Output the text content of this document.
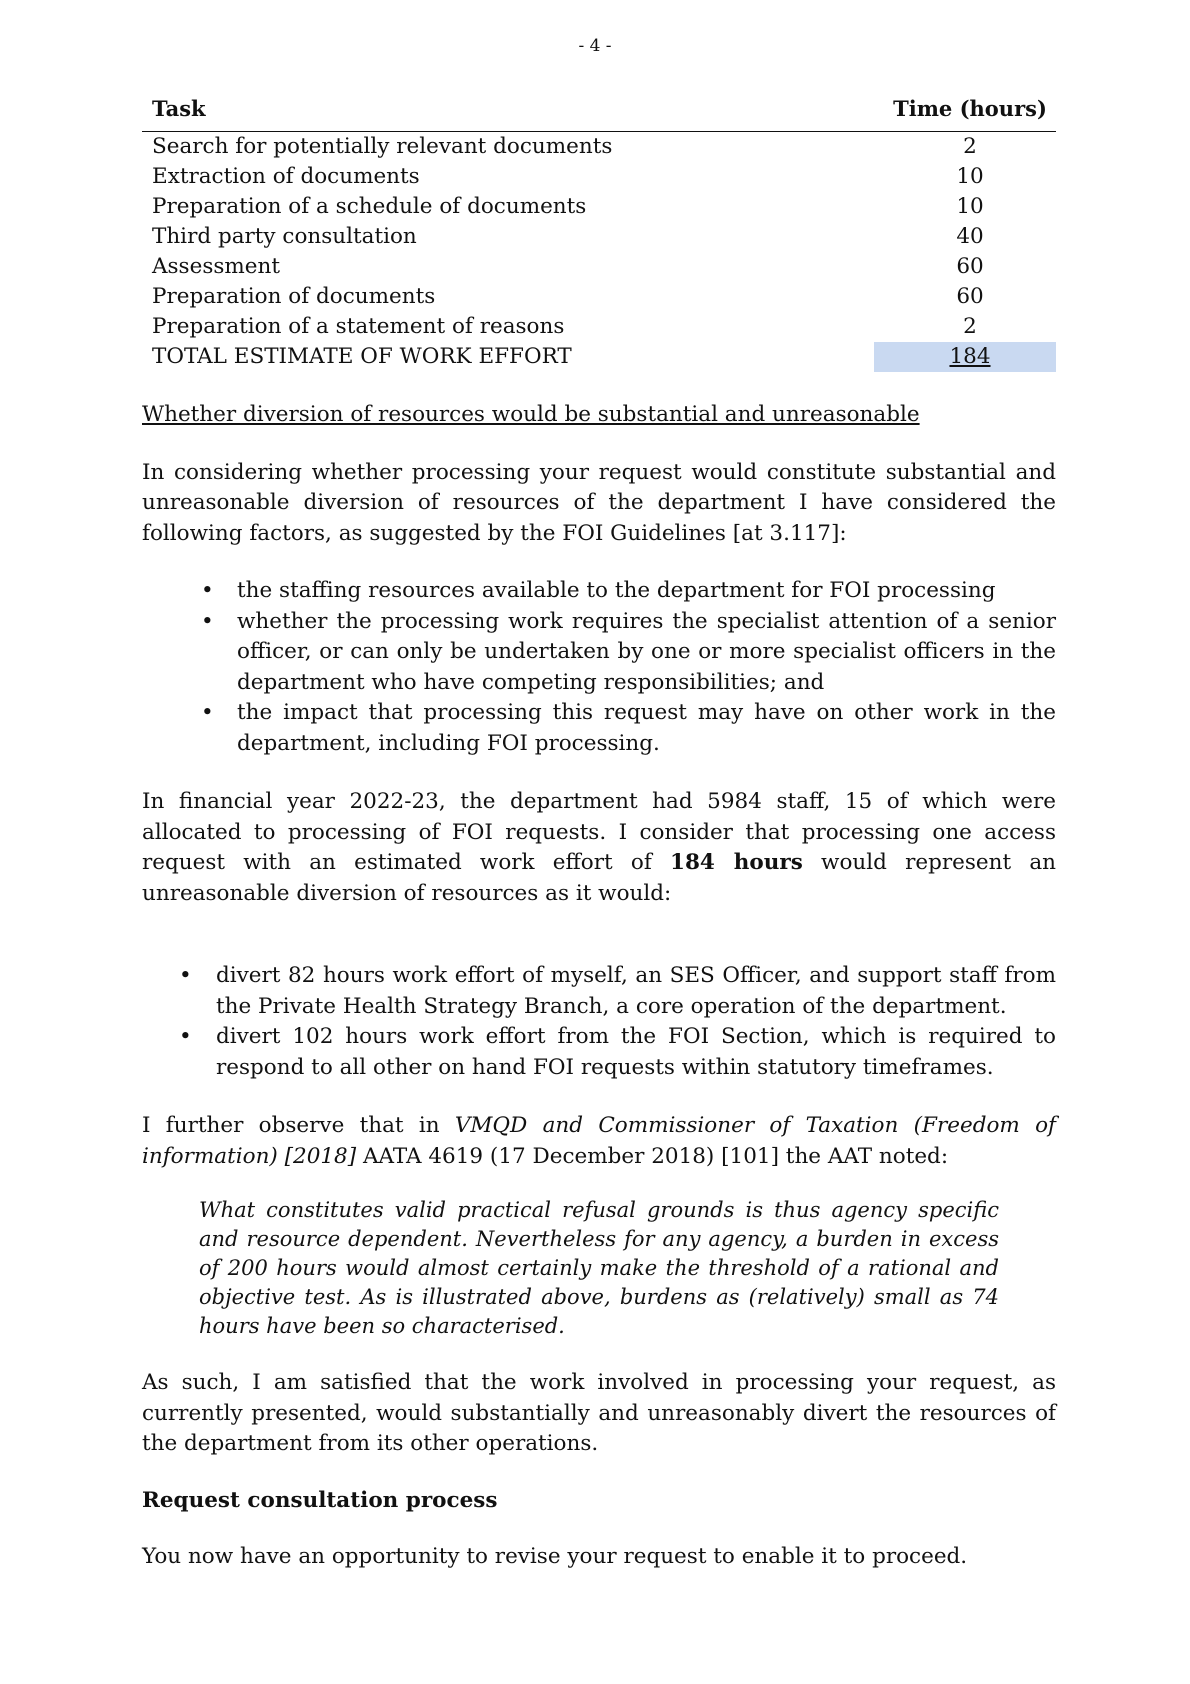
- 4 -
Task	Time (hours)
Search for potentially relevant documents	2
Extraction of documents	10
Preparation of a schedule of documents	10
Third party consultation	40
Assessment	60
Preparation of documents	60
Preparation of a statement of reasons	2
TOTAL ESTIMATE OF WORK EFFORT	184

Whether diversion of resources would be substantial and unreasonable

In considering whether processing your request would constitute substantial and unreasonable diversion of resources of the department I have considered the following factors, as suggested by the FOI Guidelines [at 3.117]:

• the staffing resources available to the department for FOI processing
• whether the processing work requires the specialist attention of a senior officer, or can only be undertaken by one or more specialist officers in the department who have competing responsibilities; and
• the impact that processing this request may have on other work in the department, including FOI processing.

In financial year 2022-23, the department had 5984 staff, 15 of which were allocated to processing of FOI requests. I consider that processing one access request with an estimated work effort of 184 hours would represent an unreasonable diversion of resources as it would:

• divert 82 hours work effort of myself, an SES Officer, and support staff from the Private Health Strategy Branch, a core operation of the department.
• divert 102 hours work effort from the FOI Section, which is required to respond to all other on hand FOI requests within statutory timeframes.

I further observe that in VMQD and Commissioner of Taxation (Freedom of information) [2018] AATA 4619 (17 December 2018) [101] the AAT noted:

What constitutes valid practical refusal grounds is thus agency specific and resource dependent. Nevertheless for any agency, a burden in excess of 200 hours would almost certainly make the threshold of a rational and objective test. As is illustrated above, burdens as (relatively) small as 74 hours have been so characterised.

As such, I am satisfied that the work involved in processing your request, as currently presented, would substantially and unreasonably divert the resources of the department from its other operations.

Request consultation process

You now have an opportunity to revise your request to enable it to proceed.
